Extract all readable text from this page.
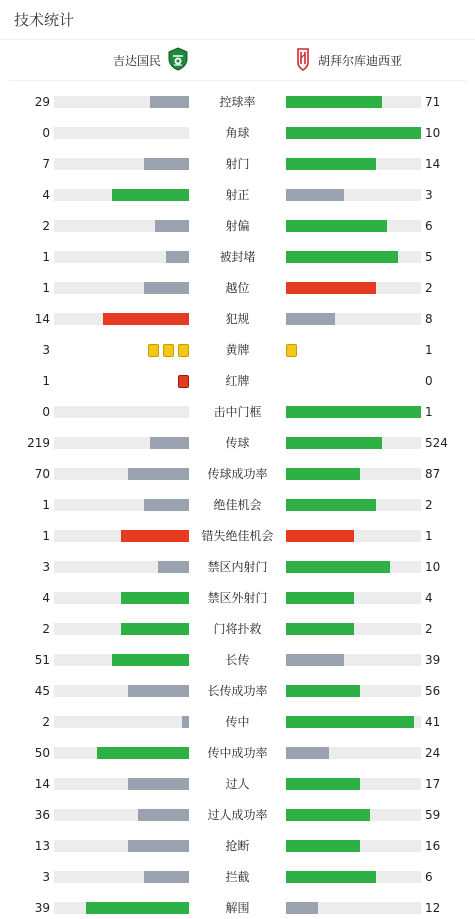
技术统计
吉达国民	胡拜尔库迪西亚
29	控球率	71
0	角球	10
7	射门	14
4	射正	3
2	射偏	6
1	被封堵	5
1	越位	2
14	犯规	8
3	黄牌	1
1	红牌	0
0	击中门框	1
219	传球	524
70	传球成功率	87
1	绝佳机会	2
1	错失绝佳机会	1
3	禁区内射门	10
4	禁区外射门	4
2	门将扑救	2
51	长传	39
45	长传成功率	56
2	传中	41
50	传中成功率	24
14	过人	17
36	过人成功率	59
13	抢断	16
3	拦截	6
39	解围	12
